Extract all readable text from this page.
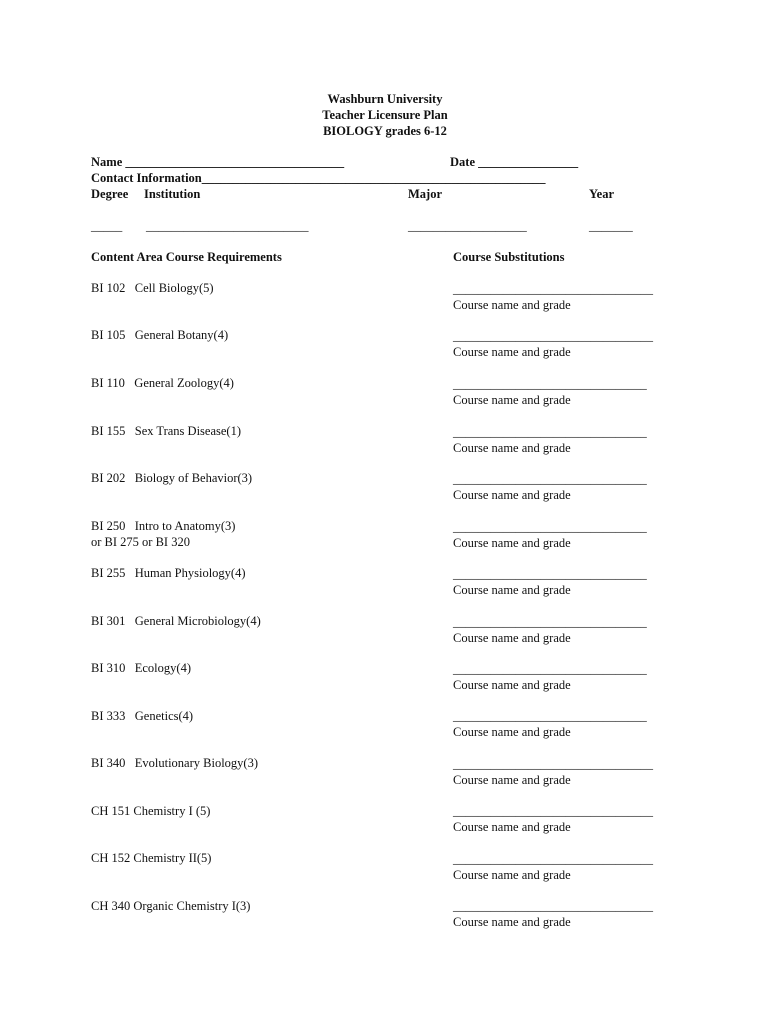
Washburn University
Teacher Licensure Plan
BIOLOGY grades 6-12
Name ___________________________________	Date ________________
Contact Information_______________________________________________________
Degree Institution	Major	Year
_____ __________________________	___________________	_______
Content Area Course Requirements	Course Substitutions
BI 102   Cell Biology(5)	________________________________
Course name and grade
BI 105   General Botany(4)	________________________________
Course name and grade
BI 110   General Zoology(4)	_______________________________
Course name and grade
BI 155   Sex Trans Disease(1)	_______________________________
Course name and grade
BI 202   Biology of Behavior(3)	_______________________________
Course name and grade
BI 250   Intro to Anatomy(3)
or BI 275 or BI 320
_______________________________
Course name and grade
BI 255   Human Physiology(4)	_______________________________
Course name and grade
BI 301   General Microbiology(4)	_______________________________
Course name and grade
BI 310   Ecology(4)	_______________________________
Course name and grade
BI 333   Genetics(4)	_______________________________
Course name and grade
BI 340   Evolutionary Biology(3)	________________________________
Course name and grade
CH 151 Chemistry I (5)	________________________________
Course name and grade
CH 152 Chemistry II(5)	________________________________
Course name and grade
CH 340 Organic Chemistry I(3)	________________________________
Course name and grade
